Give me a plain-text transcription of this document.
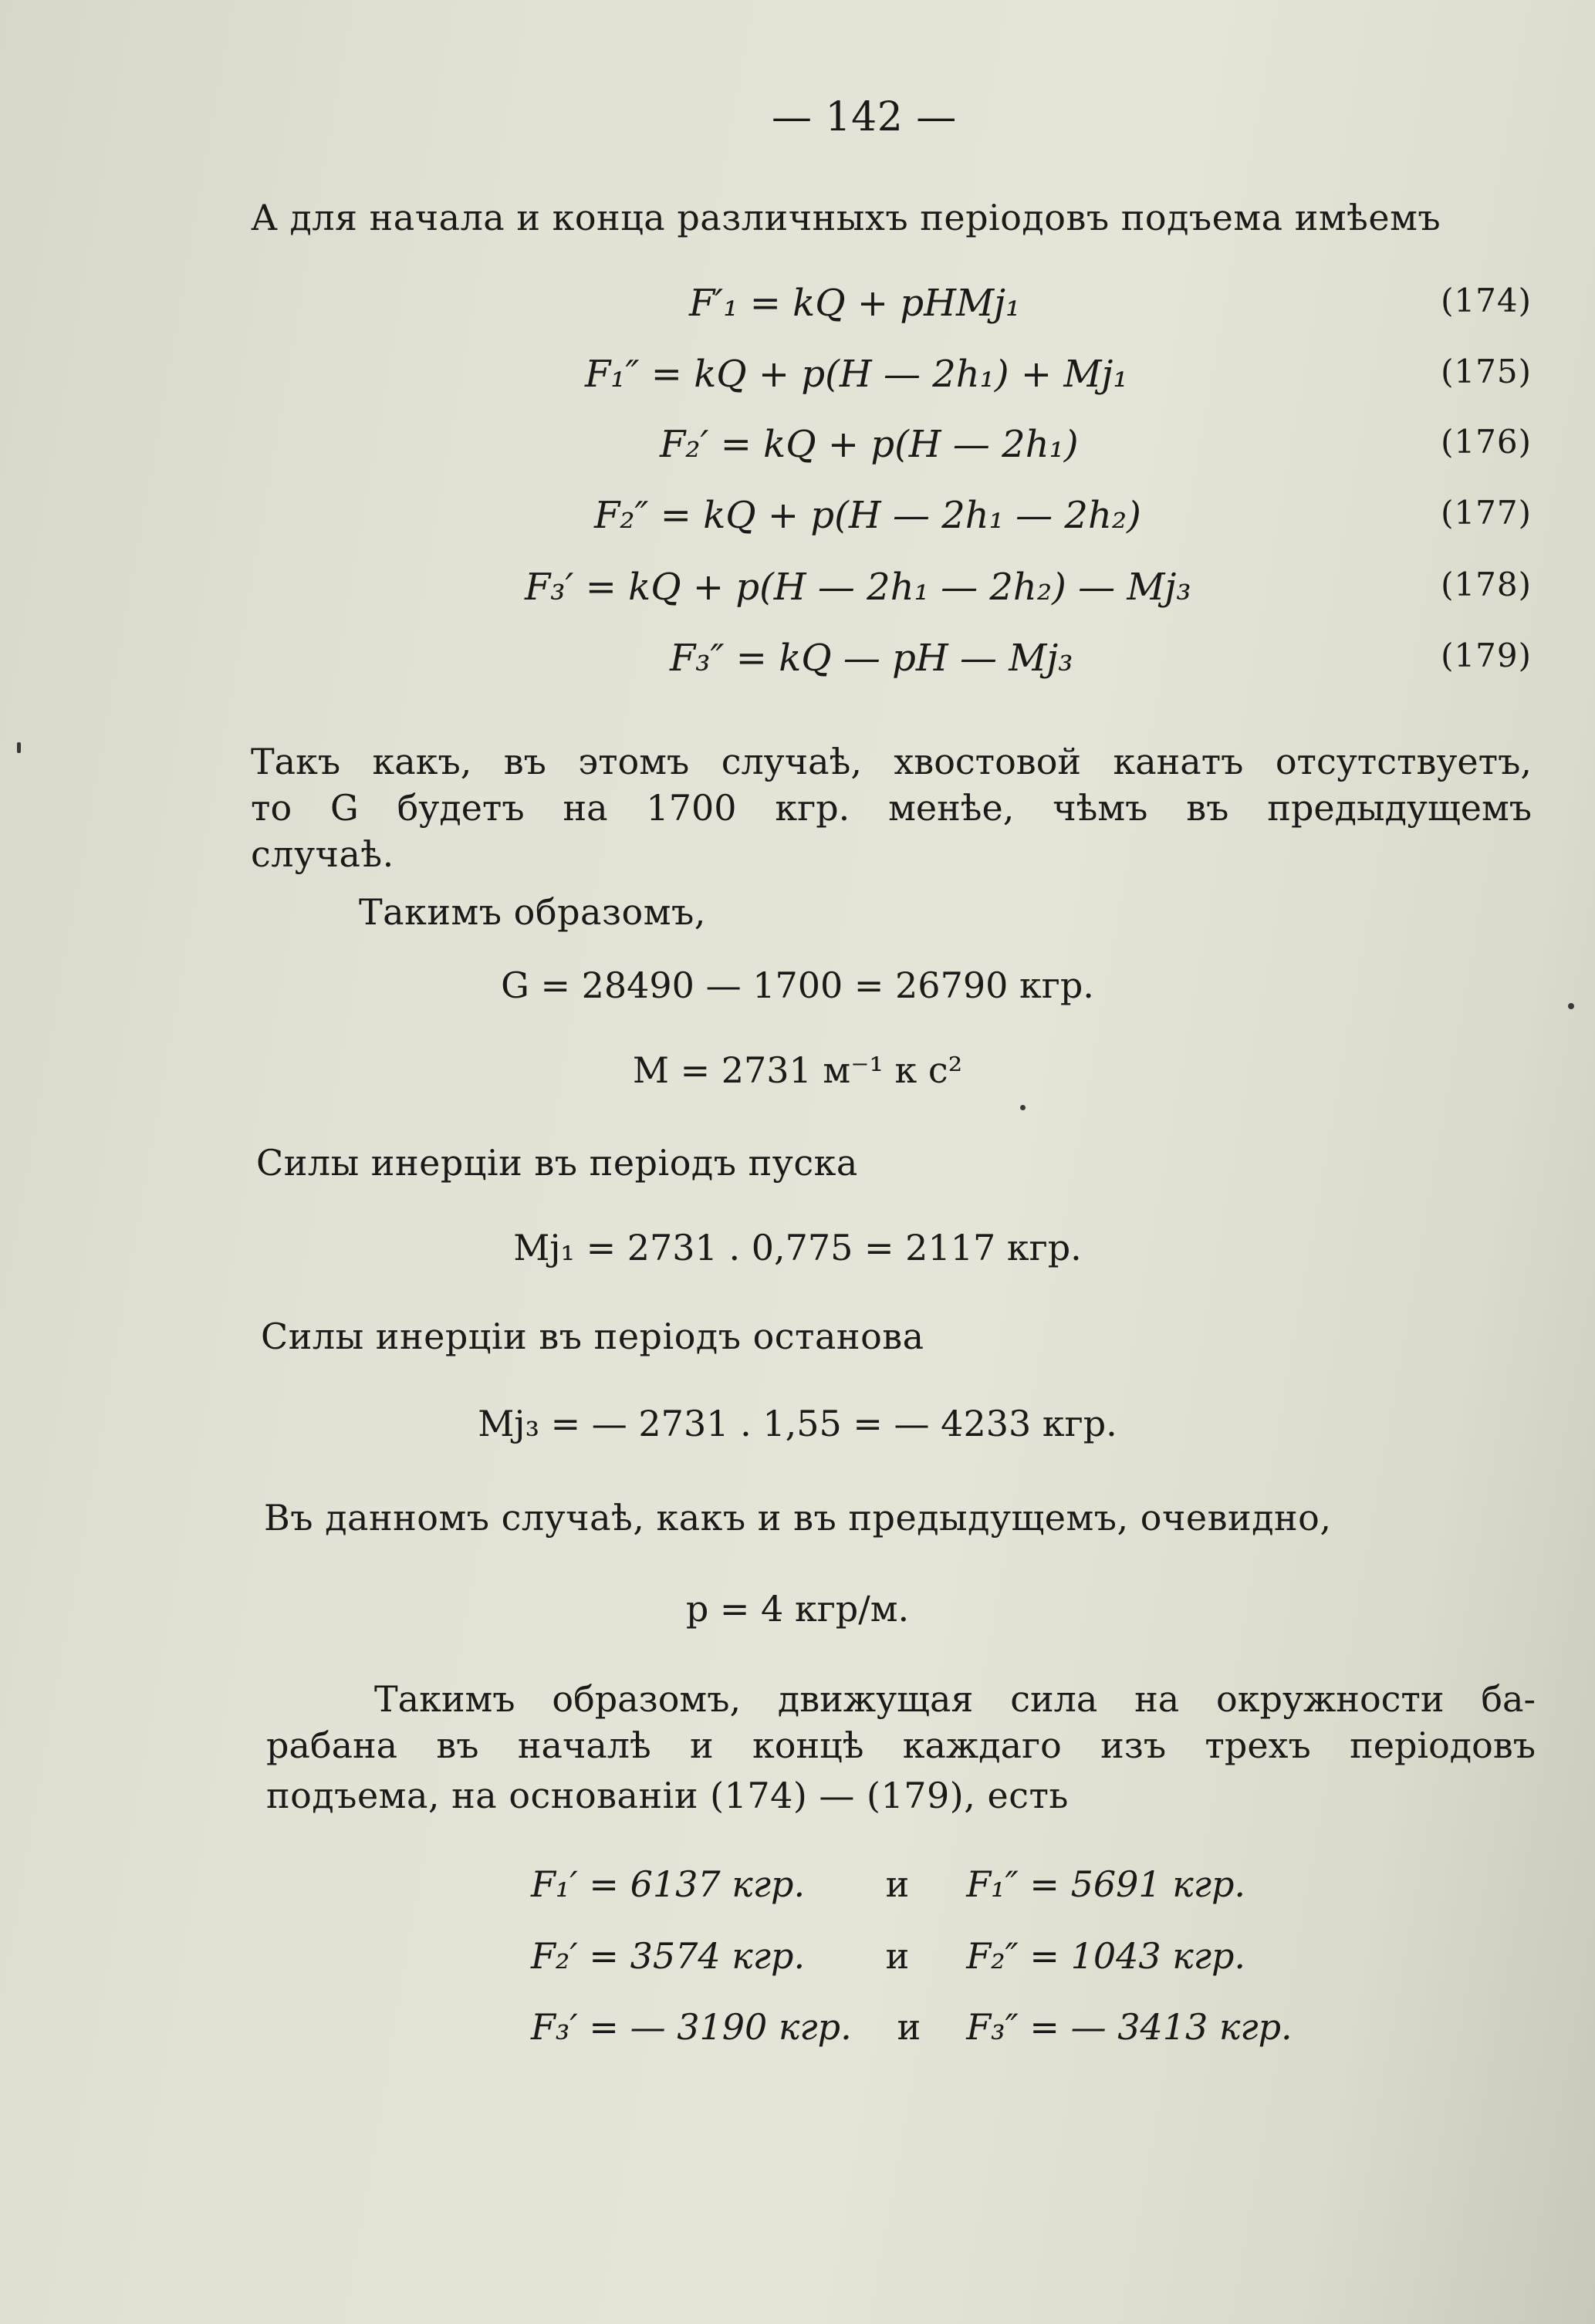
— 142 —
А для начала и конца различныхъ періодовъ подъема имѣемъ
F′₁ = kQ + pHMj₁	(174)
F₁″ = kQ + p(H — 2h₁) + Mj₁	(175)
F₂′ = kQ + p(H — 2h₁)	(176)
F₂″ = kQ + p(H — 2h₁ — 2h₂)	(177)
F₃′ = kQ + p(H — 2h₁ — 2h₂) — Mj₃	(178)
F₃″ = kQ — pH — Mj₃	(179)
Такъ какъ, въ этомъ случаѣ, хвостовой канатъ отсутствуетъ,
то G будетъ на 1700 кгр. менѣе, чѣмъ въ предыдущемъ
случаѣ.
Такимъ образомъ,
G = 28490 — 1700 = 26790 кгр.
M = 2731 м⁻¹ к с²
Силы инерціи въ періодъ пуска
Mj₁ = 2731 . 0,775 = 2117 кгр.
Силы инерціи въ періодъ останова
Mj₃ = — 2731 . 1,55 = — 4233 кгр.
Въ данномъ случаѣ, какъ и въ предыдущемъ, очевидно,
p = 4 кгр/м.
Такимъ образомъ, движущая сила на окружности ба-
рабана въ началѣ и концѣ каждаго изъ трехъ періодовъ
подъема, на основаніи (174) — (179), есть
F₁′ = 6137 кгр. и F₁″ = 5691 кгр.
F₂′ = 3574 кгр. и F₂″ = 1043 кгр.
F₃′ = — 3190 кгр. и F₃″ = — 3413 кгр.
